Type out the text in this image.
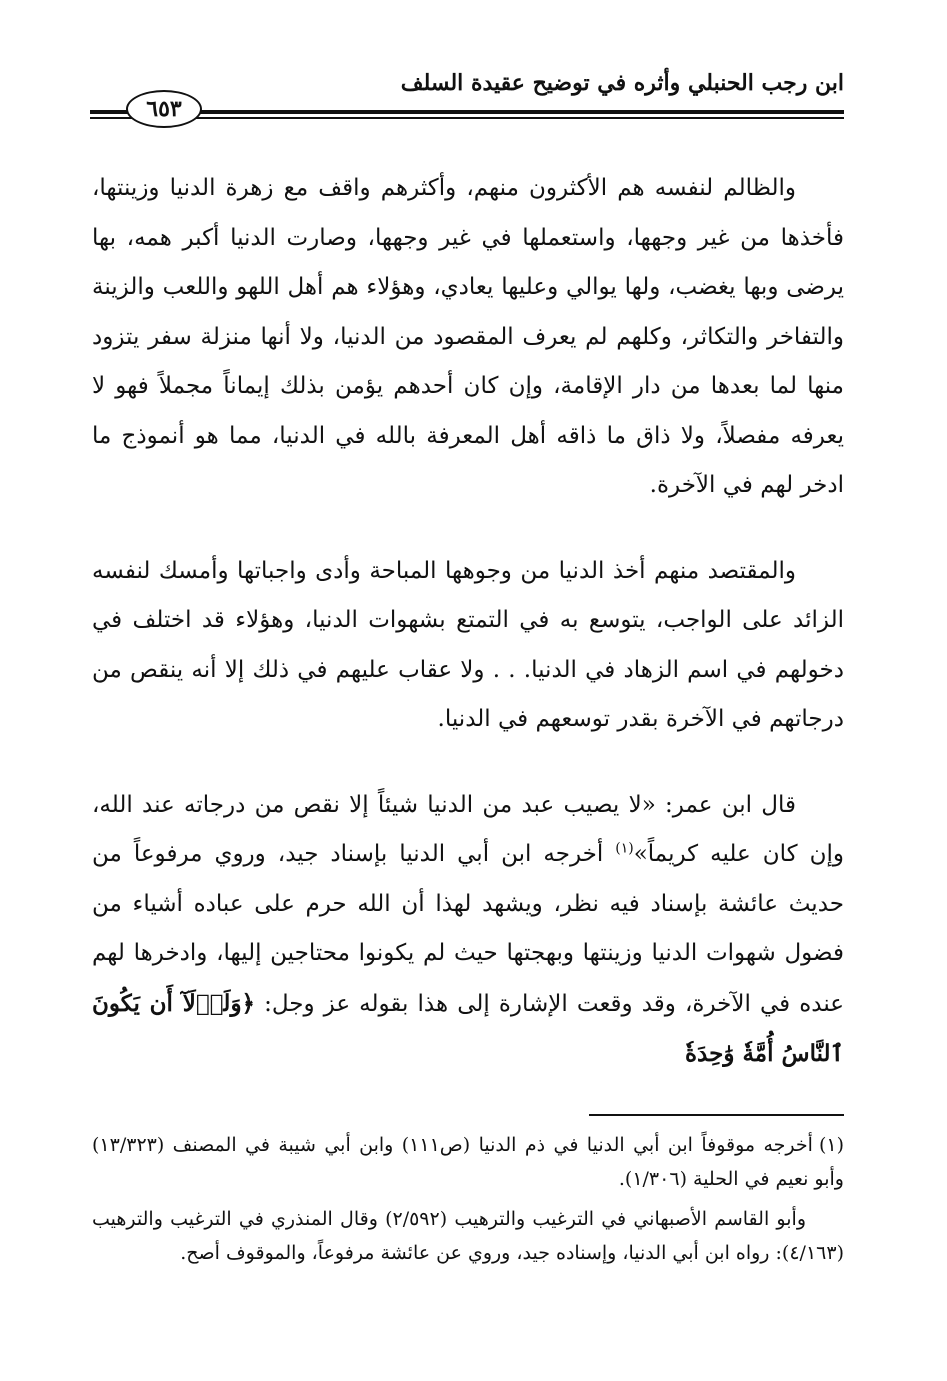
ابن رجب الحنبلي وأثره في توضيح عقيدة السلف
٦٥٣

والظالم لنفسه هم الأكثرون منهم، وأكثرهم واقف مع زهرة الدنيا وزينتها، فأخذها من غير وجهها، واستعملها في غير وجهها، وصارت الدنيا أكبر همه، بها يرضى وبها يغضب، ولها يوالي وعليها يعادي، وهؤلاء هم أهل اللهو واللعب والزينة والتفاخر والتكاثر، وكلهم لم يعرف المقصود من الدنيا، ولا أنها منزلة سفر يتزود منها لما بعدها من دار الإقامة، وإن كان أحدهم يؤمن بذلك إيماناً مجملاً فهو لا يعرفه مفصلاً، ولا ذاق ما ذاقه أهل المعرفة بالله في الدنيا، مما هو أنموذج ما ادخر لهم في الآخرة.

والمقتصد منهم أخذ الدنيا من وجوهها المباحة وأدى واجباتها وأمسك لنفسه الزائد على الواجب، يتوسع به في التمتع بشهوات الدنيا، وهؤلاء قد اختلف في دخولهم في اسم الزهاد في الدنيا. . . ولا عقاب عليهم في ذلك إلا أنه ينقص من درجاتهم في الآخرة بقدر توسعهم في الدنيا.

قال ابن عمر: «لا يصيب عبد من الدنيا شيئاً إلا نقص من درجاته عند الله، وإن كان عليه كريماً»$^{(١)}$ أخرجه ابن أبي الدنيا بإسناد جيد، وروي مرفوعاً من حديث عائشة بإسناد فيه نظر، ويشهد لهذا أن الله حرم على عباده أشياء من فضول شهوات الدنيا وزينتها وبهجتها حيث لم يكونوا محتاجين إليها، وادخرها لهم عنده في الآخرة، وقد وقعت الإشارة إلى هذا بقوله عز وجل: ﴿وَلَوۡلَآ أَن يَكُونَ ٱلنَّاسُ أُمَّةٗ وَٰحِدَةٗ

(١)أخرجه موقوفاً ابن أبي الدنيا في ذم الدنيا (ص١١١) وابن أبي شيبة في المصنف (١٣/٣٢٣) وأبو نعيم في الحلية (١/٣٠٦).

وأبو القاسم الأصبهاني في الترغيب والترهيب (٢/٥٩٢) وقال المنذري في الترغيب والترهيب (٤/١٦٣): رواه ابن أبي الدنيا، وإسناده جيد، وروي عن عائشة مرفوعاً، والموقوف أصح.
